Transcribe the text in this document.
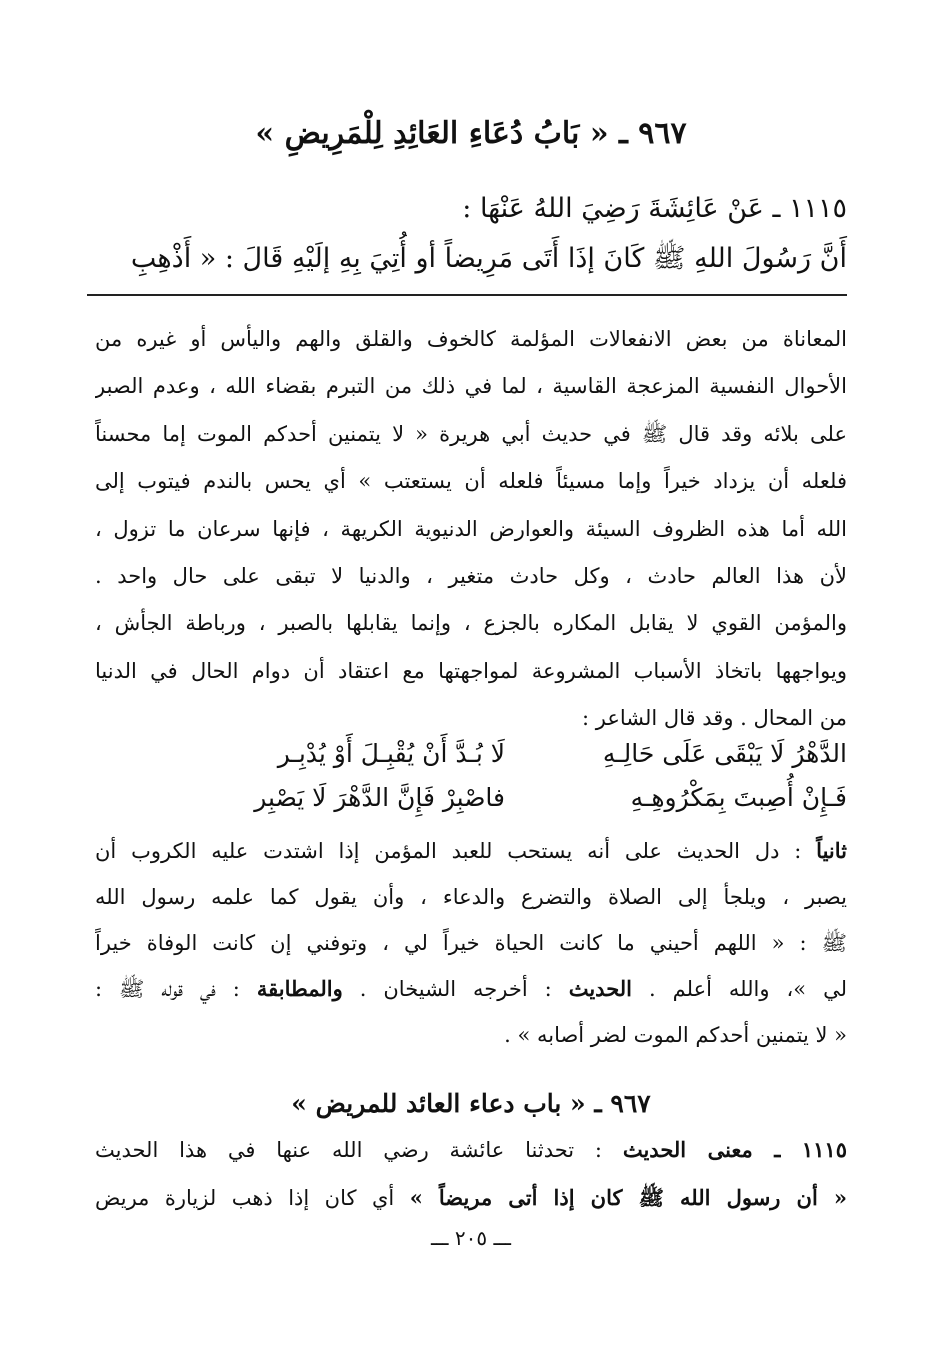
٩٦٧ ـ « بَابُ دُعَاءِ العَائِدِ لِلْمَرِيضِ »
١١١٥ ـ عَنْ عَائِشَةَ رَضِيَ اللهُ عَنْهَا :
أَنَّ رَسُولَ اللهِ ﷺ كَانَ إذَا أَتَى مَرِيضاً أو أُتِيَ بِهِ إلَيْهِ قَالَ : « أَذْهِبِ
المعاناة من بعض الانفعالات المؤلمة كالخوف والقلق والهم واليأس أو غيره من
الأحوال النفسية المزعجة القاسية ، لما في ذلك من التبرم بقضاء الله ، وعدم الصبر
على بلائه وقد قال ﷺ في حديث أبي هريرة « لا يتمنين أحدكم الموت إما محسناً
فلعله أن يزداد خيراً وإما مسيئاً فلعله أن يستعتب » أي يحس بالندم فيتوب إلى
الله أما هذه الظروف السيئة والعوارض الدنيوية الكريهة ، فإنها سرعان ما تزول ،
لأن هذا العالم حادث ، وكل حادث متغير ، والدنيا لا تبقى على حال واحد .
والمؤمن القوي لا يقابل المكاره بالجزع ، وإنما يقابلها بالصبر ، ورباطة الجأش ،
ويواجهها باتخاذ الأسباب المشروعة لمواجهتها مع اعتقاد أن دوام الحال في الدنيا
من المحال . وقد قال الشاعر :
الدَّهْرُ لَا يَبْقَى عَلَى حَالِـهِ
لَا بُـدَّ أَنْ يُقْبِـلَ أَوْ يُدْبِـر
فَـإِنْ أُصِبتَ بِمَكْرُوهِـهِ
فاصْبِرْ فَإِنَّ الدَّهْرَ لَا يَصْبِر
ثانياً : دل الحديث على أنه يستحب للعبد المؤمن إذا اشتدت عليه الكروب أن
يصبر ، ويلجأ إلى الصلاة والتضرع والدعاء ، وأن يقول كما علمه رسول الله
ﷺ : « اللهم أحيني ما كانت الحياة خيراً لي ، وتوفني إن كانت الوفاة خيراً
لي »، والله أعلم . الحديث : أخرجه الشيخان . والمطابقة : في قوله ﷺ :
« لا يتمنين أحدكم الموت لضر أصابه » .
٩٦٧ ـ « باب دعاء العائد للمريض »
١١١٥ ـ معنى الحديث : تحدثنا عائشة رضي الله عنها في هذا الحديث
« أن رسول الله ﷺ كان إذا أتى مريضاً » أي كان إذا ذهب لزيارة مريض
ـــ ٢٠٥ ـــ
